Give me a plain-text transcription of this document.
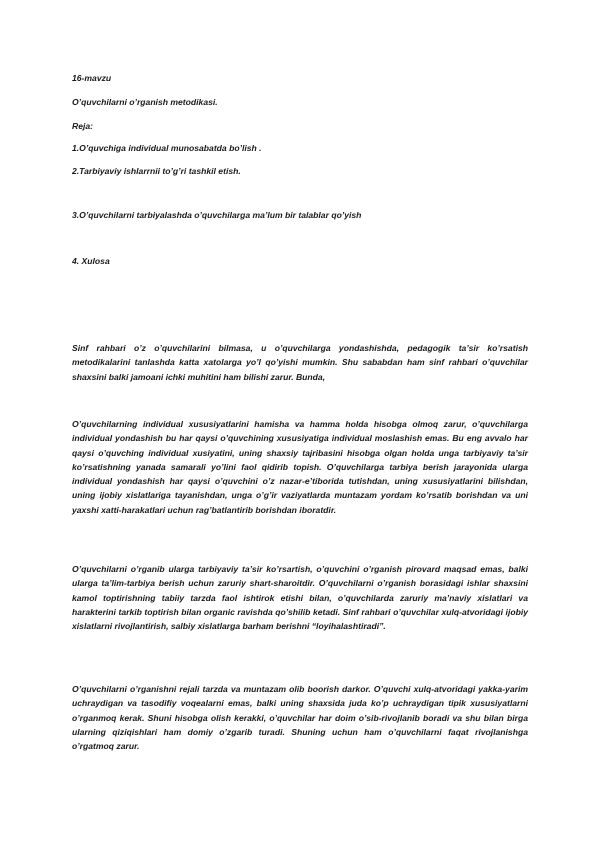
16-mavzu
O’quvchilarni o’rganish metodikasi.
Reja:
1.O’quvchiga individual munosabatda bo’lish .
2.Tarbiyaviy ishlarrnii to’g’ri tashkil etish.
3.O’quvchilarni tarbiyalashda o’quvchilarga ma’lum bir talablar qo’yish
4. Xulosa
Sinf rahbari o’z o’quvchilarini bilmasa, u o’quvchilarga yondashishda, pedagogik ta’sir ko’rsatish metodikalarini tanlashda katta xatolarga yo’l qo’yishi mumkin. Shu sababdan ham sinf rahbari o’quvchilar shaxsini balki jamoani ichki muhitini ham bilishi zarur. Bunda,
O’quvchilarning individual xususiyatlarini hamisha va hamma holda hisobga olmoq zarur, o’quvchilarga individual yondashish bu har qaysi o’quvchining xususiyatiga individual moslashish emas. Bu eng avvalo har qaysi o’quvching individual xusiyatini, uning shaxsiy tajribasini hisobga olgan holda unga tarbiyaviy ta’sir ko’rsatishning yanada samarali yo’lini faol qidirib topish. O’quvchilarga tarbiya berish jarayonida ularga individual yondashish har qaysi o’quvchini o’z nazar-e’tiborida tutishdan, uning xususiyatlarini bilishdan, uning ijobiy xislatlariga tayanishdan, unga o’g’ir vaziyatlarda muntazam yordam ko’rsatib borishdan va uni yaxshi xatti-harakatlari uchun rag’batlantirib borishdan iboratdir.
O’quvchilarni o’rganib ularga tarbiyaviy ta’sir ko’rsartish, o’quvchini o’rganish pirovard maqsad emas, balki ularga ta’lim-tarbiya berish uchun zaruriy shart-sharoitdir. O’quvchilarni o’rganish borasidagi ishlar shaxsini kamol toptirishning tabiiy tarzda faol ishtirok etishi bilan, o’quvchilarda zaruriy ma’naviy xislatlari va harakterini tarkib toptirish bilan organic ravishda qo’shilib ketadi. Sinf rahbari o’quvchilar xulq-atvoridagi ijobiy xislatlarni rivojlantirish, salbiy xislatlarga barham berishni “loyihalashtiradi”.
O’quvchilarni o’rganishni rejali tarzda va muntazam olib boorish darkor. O’quvchi xulq-atvoridagi yakka-yarim uchraydigan va tasodifiy voqealarni emas, balki uning shaxsida juda ko’p uchraydigan tipik xususiyatlarni o’rganmoq kerak. Shuni hisobga olish kerakki, o’quvchilar har doim o’sib-rivojlanib boradi va shu bilan birga ularning qiziqishlari ham domiy o’zgarib turadi. Shuning uchun ham o’quvchilarni faqat rivojlanishga o’rgatmoq zarur.
